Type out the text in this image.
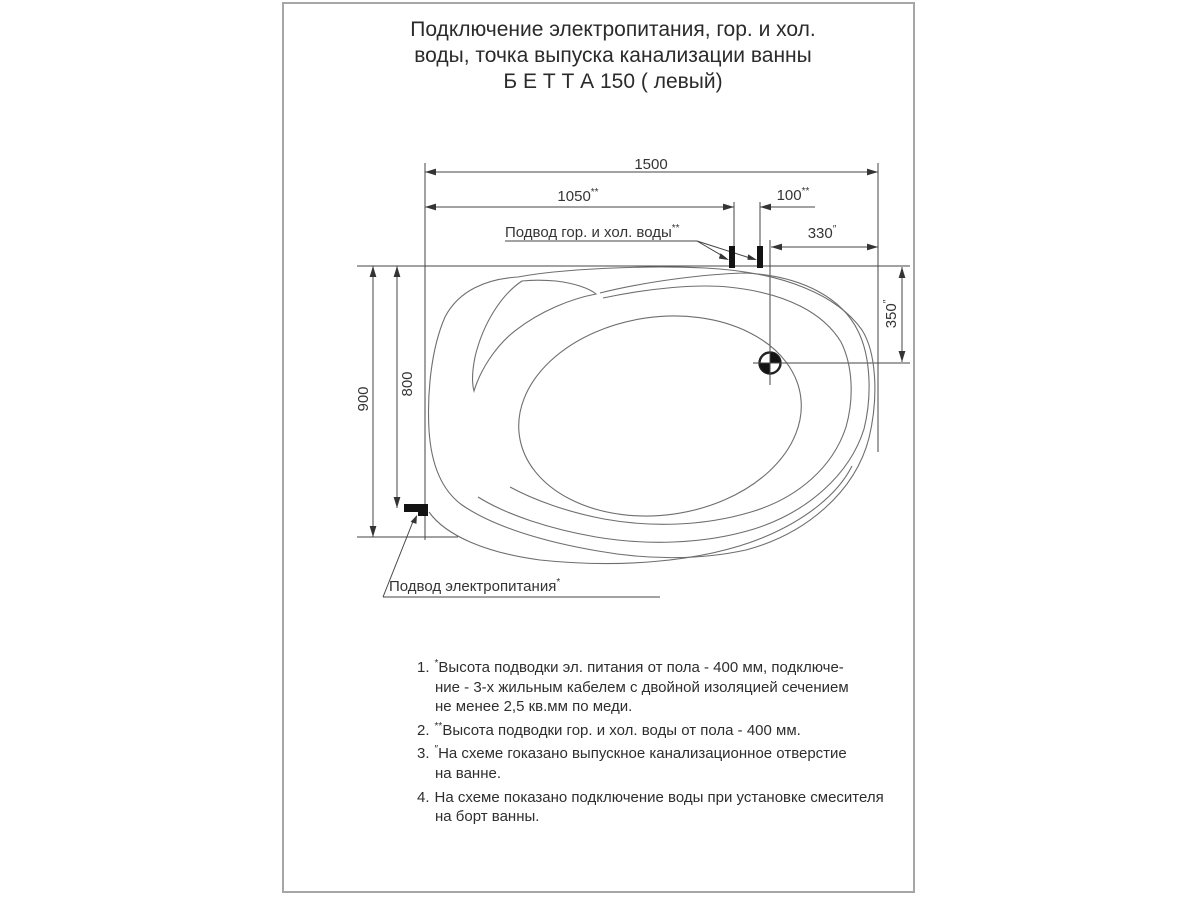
Подключение электропитания, гор. и хол.
воды, точка выпуска канализации ванны
Б Е Т Т А 150 ( левый)
1500
1050**	100**
330″
350″
900
800
Подвод гор. и хол. воды**
Подвод электропитания*
1. *Высота подводки эл. питания от пола - 400 мм, подключе-
ние - 3-х жильным кабелем с двойной изоляцией сечением
не менее 2,5 кв.мм по меди.
2. **Высота подводки гор. и хол. воды от пола - 400 мм.
3. ″На схеме гоказано выпускное канализационное отверстие
на ванне.
4. На схеме показано подключение воды при установке смесителя
на борт ванны.
